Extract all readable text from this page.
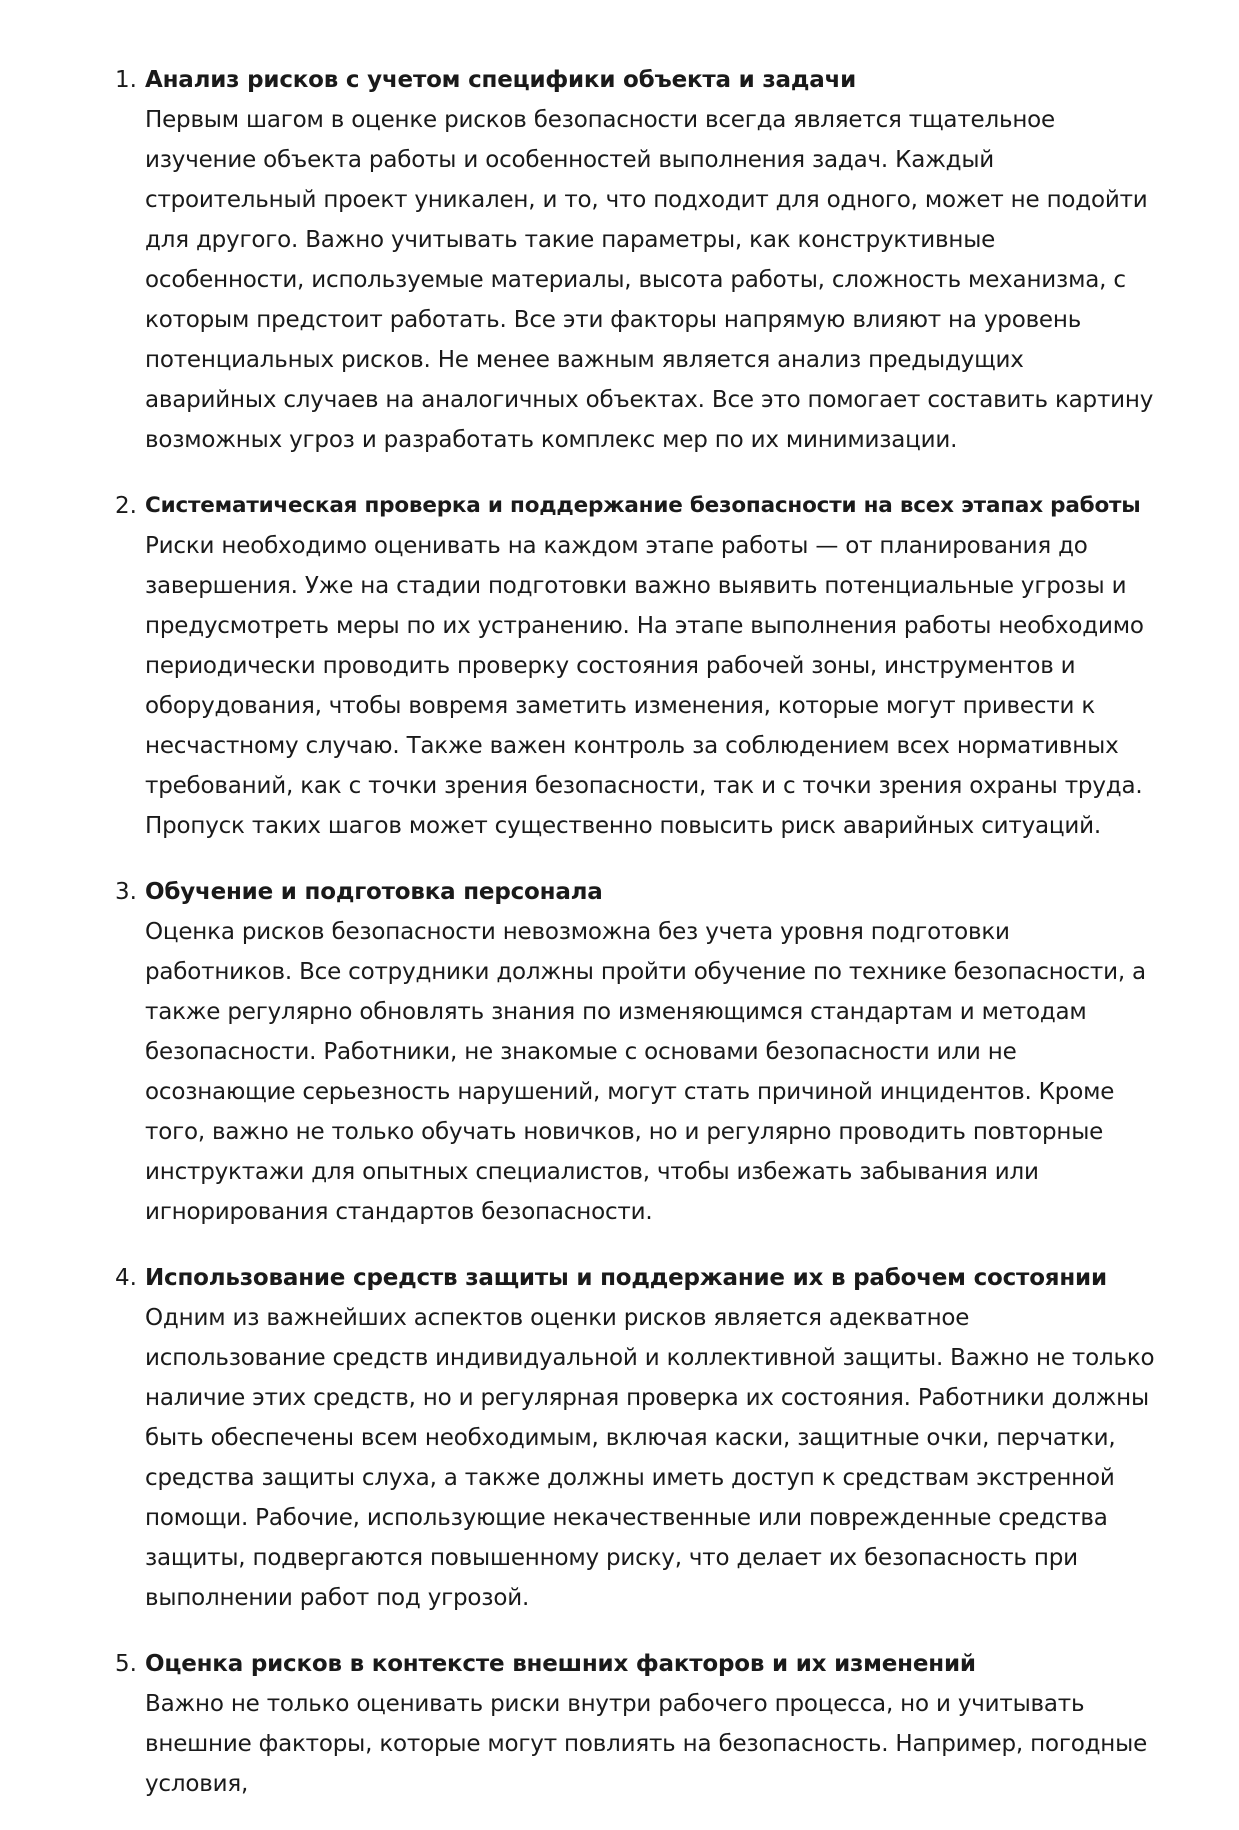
1. Анализ рисков с учетом специфики объекта и задачи

Первым шагом в оценке рисков безопасности всегда является тщательное изучение объекта работы и особенностей выполнения задач. Каждый строительный проект уникален, и то, что подходит для одного, может не подойти для другого. Важно учитывать такие параметры, как конструктивные особенности, используемые материалы, высота работы, сложность механизма, с которым предстоит работать. Все эти факторы напрямую влияют на уровень потенциальных рисков. Не менее важным является анализ предыдущих аварийных случаев на аналогичных объектах. Все это помогает составить картину возможных угроз и разработать комплекс мер по их минимизации.

2. Систематическая проверка и поддержание безопасности на всех этапах работы

Риски необходимо оценивать на каждом этапе работы — от планирования до завершения. Уже на стадии подготовки важно выявить потенциальные угрозы и предусмотреть меры по их устранению. На этапе выполнения работы необходимо периодически проводить проверку состояния рабочей зоны, инструментов и оборудования, чтобы вовремя заметить изменения, которые могут привести к несчастному случаю. Также важен контроль за соблюдением всех нормативных требований, как с точки зрения безопасности, так и с точки зрения охраны труда. Пропуск таких шагов может существенно повысить риск аварийных ситуаций.

3. Обучение и подготовка персонала

Оценка рисков безопасности невозможна без учета уровня подготовки работников. Все сотрудники должны пройти обучение по технике безопасности, а также регулярно обновлять знания по изменяющимся стандартам и методам безопасности. Работники, не знакомые с основами безопасности или не осознающие серьезность нарушений, могут стать причиной инцидентов. Кроме того, важно не только обучать новичков, но и регулярно проводить повторные инструктажи для опытных специалистов, чтобы избежать забывания или игнорирования стандартов безопасности.

4. Использование средств защиты и поддержание их в рабочем состоянии

Одним из важнейших аспектов оценки рисков является адекватное использование средств индивидуальной и коллективной защиты. Важно не только наличие этих средств, но и регулярная проверка их состояния. Работники должны быть обеспечены всем необходимым, включая каски, защитные очки, перчатки, средства защиты слуха, а также должны иметь доступ к средствам экстренной помощи. Рабочие, использующие некачественные или поврежденные средства защиты, подвергаются повышенному риску, что делает их безопасность при выполнении работ под угрозой.

5. Оценка рисков в контексте внешних факторов и их изменений

Важно не только оценивать риски внутри рабочего процесса, но и учитывать внешние факторы, которые могут повлиять на безопасность. Например, погодные условия,
